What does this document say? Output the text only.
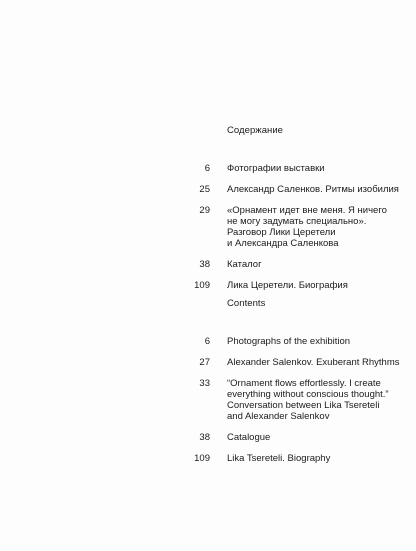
Содержание
6 Фотографии выставки
25 Александр Саленков. Ритмы изобилия
29 «Орнамент идет вне меня. Я ничего
не могу задумать специально».
Разговор Лики Церетели
и Александра Саленкова
38 Каталог
109 Лика Церетели. Биография
Contents
6 Photographs of the exhibition
27 Alexander Salenkov. Exuberant Rhythms
33 “Ornament flows effortlessly. I create
everything without conscious thought.”
Conversation between Lika Tsereteli
and Alexander Salenkov
38 Catalogue
109 Lika Tsereteli. Biography
